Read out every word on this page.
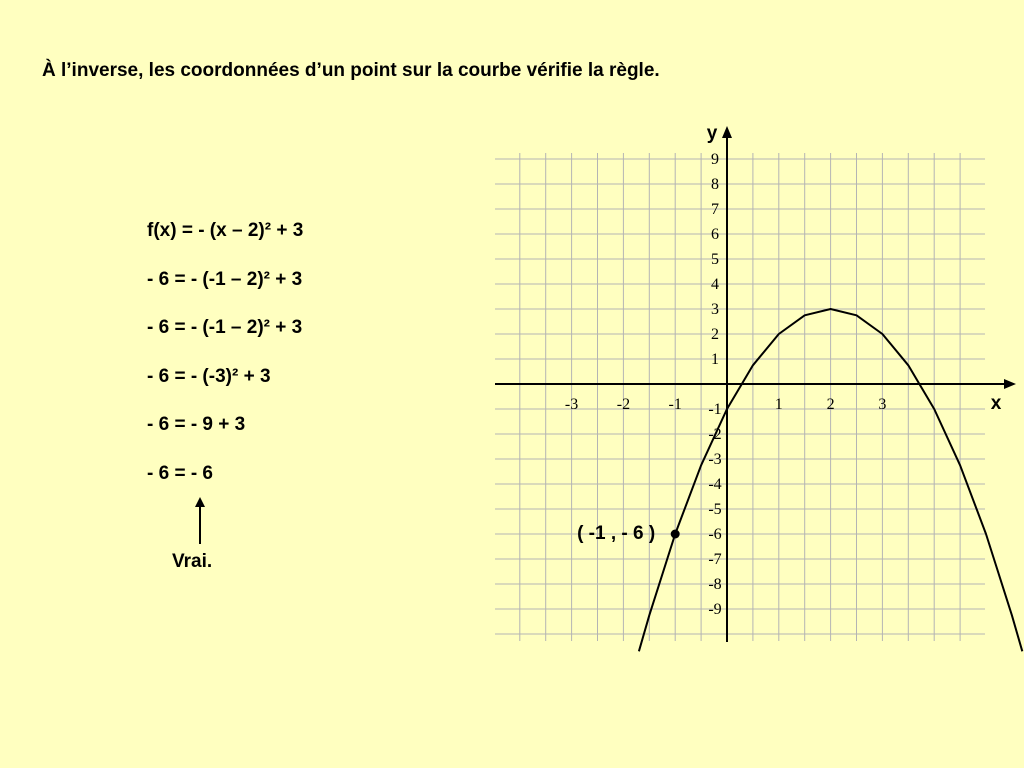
À l’inverse, les coordonnées d’un point sur la courbe vérifie la règle.
f(x) = - (x – 2)² + 3
- 6 = - (-1 – 2)² + 3
- 6 = - (-1 – 2)² + 3
- 6 = - (-3)² + 3
- 6 = - 9 + 3
- 6 = - 6
Vrai.
-3 -2 -1	1	2	3
9
8
7
6
5
4
3
2
1
-1
-2
-3
-4
-5
-6
-7
-8
-9
( -1 , - 6 )
y
x
